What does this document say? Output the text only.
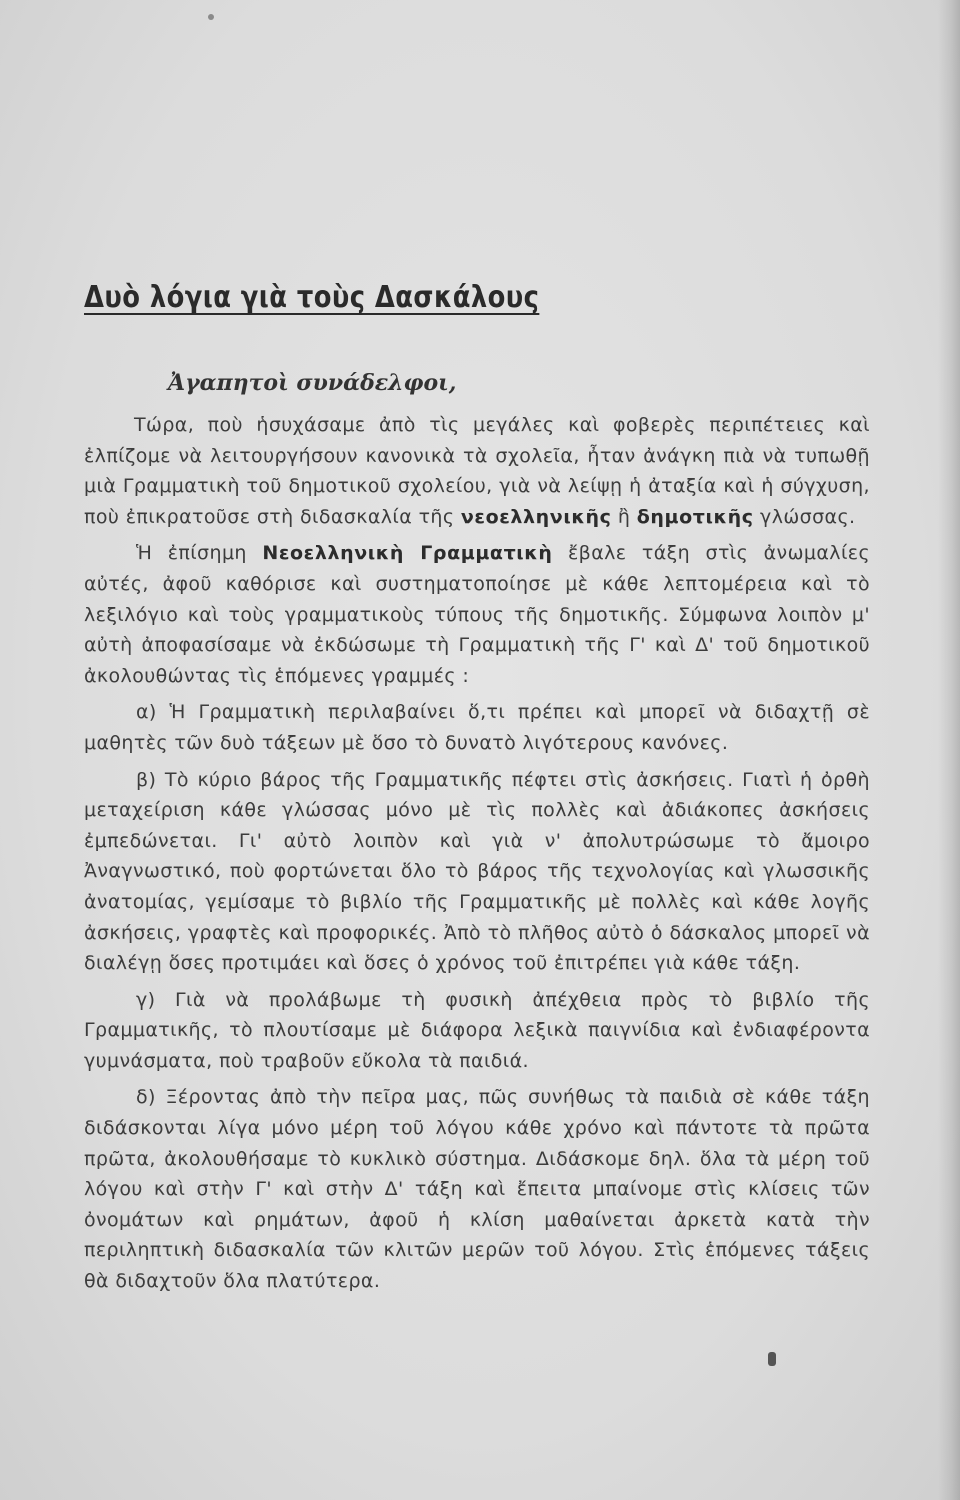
Δυὸ λόγια γιὰ τοὺς Δασκάλους

Ἀγαπητοὶ συνάδελφοι,

Τώρα, ποὺ ἡσυχάσαμε ἀπὸ τὶς μεγάλες καὶ φοβερὲς περιπέτειες καὶ ἐλπίζομε νὰ λειτουργήσουν κανονικὰ τὰ σχολεῖα, ἦταν ἀνάγκη πιὰ νὰ τυπωθῇ μιὰ Γραμματικὴ τοῦ δημοτικοῦ σχολείου, γιὰ νὰ λείψῃ ἡ ἀταξία καὶ ἡ σύγχυση, ποὺ ἐπικρατοῦσε στὴ διδασκαλία τῆς νεοελληνικῆς ἢ δημοτικῆς γλώσσας.

Ἡ ἐπίσημη Νεοελληνικὴ Γραμματικὴ ἔβαλε τάξη στὶς ἀνωμαλίες αὐτές, ἀφοῦ καθόρισε καὶ συστηματοποίησε μὲ κάθε λεπτομέρεια καὶ τὸ λεξιλόγιο καὶ τοὺς γραμματικοὺς τύπους τῆς δημοτικῆς. Σύμφωνα λοιπὸν μ' αὐτὴ ἀποφασίσαμε νὰ ἐκδώσωμε τὴ Γραμματικὴ τῆς Γ' καὶ Δ' τοῦ δημοτικοῦ ἀκολουθώντας τὶς ἑπόμενες γραμμές :

α) Ἡ Γραμματικὴ περιλαβαίνει ὅ,τι πρέπει καὶ μπορεῖ νὰ διδαχτῇ σὲ μαθητὲς τῶν δυὸ τάξεων μὲ ὅσο τὸ δυνατὸ λιγότερους κανόνες.

β) Τὸ κύριο βάρος τῆς Γραμματικῆς πέφτει στὶς ἀσκήσεις. Γιατὶ ἡ ὀρθὴ μεταχείριση κάθε γλώσσας μόνο μὲ τὶς πολλὲς καὶ ἀδιάκοπες ἀσκήσεις ἐμπεδώνεται. Γι' αὐτὸ λοιπὸν καὶ γιὰ ν' ἀπολυτρώσωμε τὸ ἄμοιρο Ἀναγνωστικό, ποὺ φορτώνεται ὅλο τὸ βάρος τῆς τεχνολογίας καὶ γλωσσικῆς ἀνατομίας, γεμίσαμε τὸ βιβλίο τῆς Γραμματικῆς μὲ πολλὲς καὶ κάθε λογῆς ἀσκήσεις, γραφτὲς καὶ προφορικές. Ἀπὸ τὸ πλῆθος αὐτὸ ὁ δάσκαλος μπορεῖ νὰ διαλέγῃ ὅσες προτιμάει καὶ ὅσες ὁ χρόνος τοῦ ἐπιτρέπει γιὰ κάθε τάξη.

γ) Γιὰ νὰ προλάβωμε τὴ φυσικὴ ἀπέχθεια πρὸς τὸ βιβλίο τῆς Γραμματικῆς, τὸ πλουτίσαμε μὲ διάφορα λεξικὰ παιγνίδια καὶ ἐνδιαφέροντα γυμνάσματα, ποὺ τραβοῦν εὔκολα τὰ παιδιά.

δ) Ξέροντας ἀπὸ τὴν πεῖρα μας, πῶς συνήθως τὰ παιδιὰ σὲ κάθε τάξη διδάσκονται λίγα μόνο μέρη τοῦ λόγου κάθε χρόνο καὶ πάντοτε τὰ πρῶτα πρῶτα, ἀκολουθήσαμε τὸ κυκλικὸ σύστημα. Διδάσκομε δηλ. ὅλα τὰ μέρη τοῦ λόγου καὶ στὴν Γ' καὶ στὴν Δ' τάξη καὶ ἔπειτα μπαίνομε στὶς κλίσεις τῶν ὀνομάτων καὶ ρημάτων, ἀφοῦ ἡ κλίση μαθαίνεται ἀρκετὰ κατὰ τὴν περιληπτικὴ διδασκαλία τῶν κλιτῶν μερῶν τοῦ λόγου. Στὶς ἑπόμενες τάξεις θὰ διδαχτοῦν ὅλα πλατύτερα.
